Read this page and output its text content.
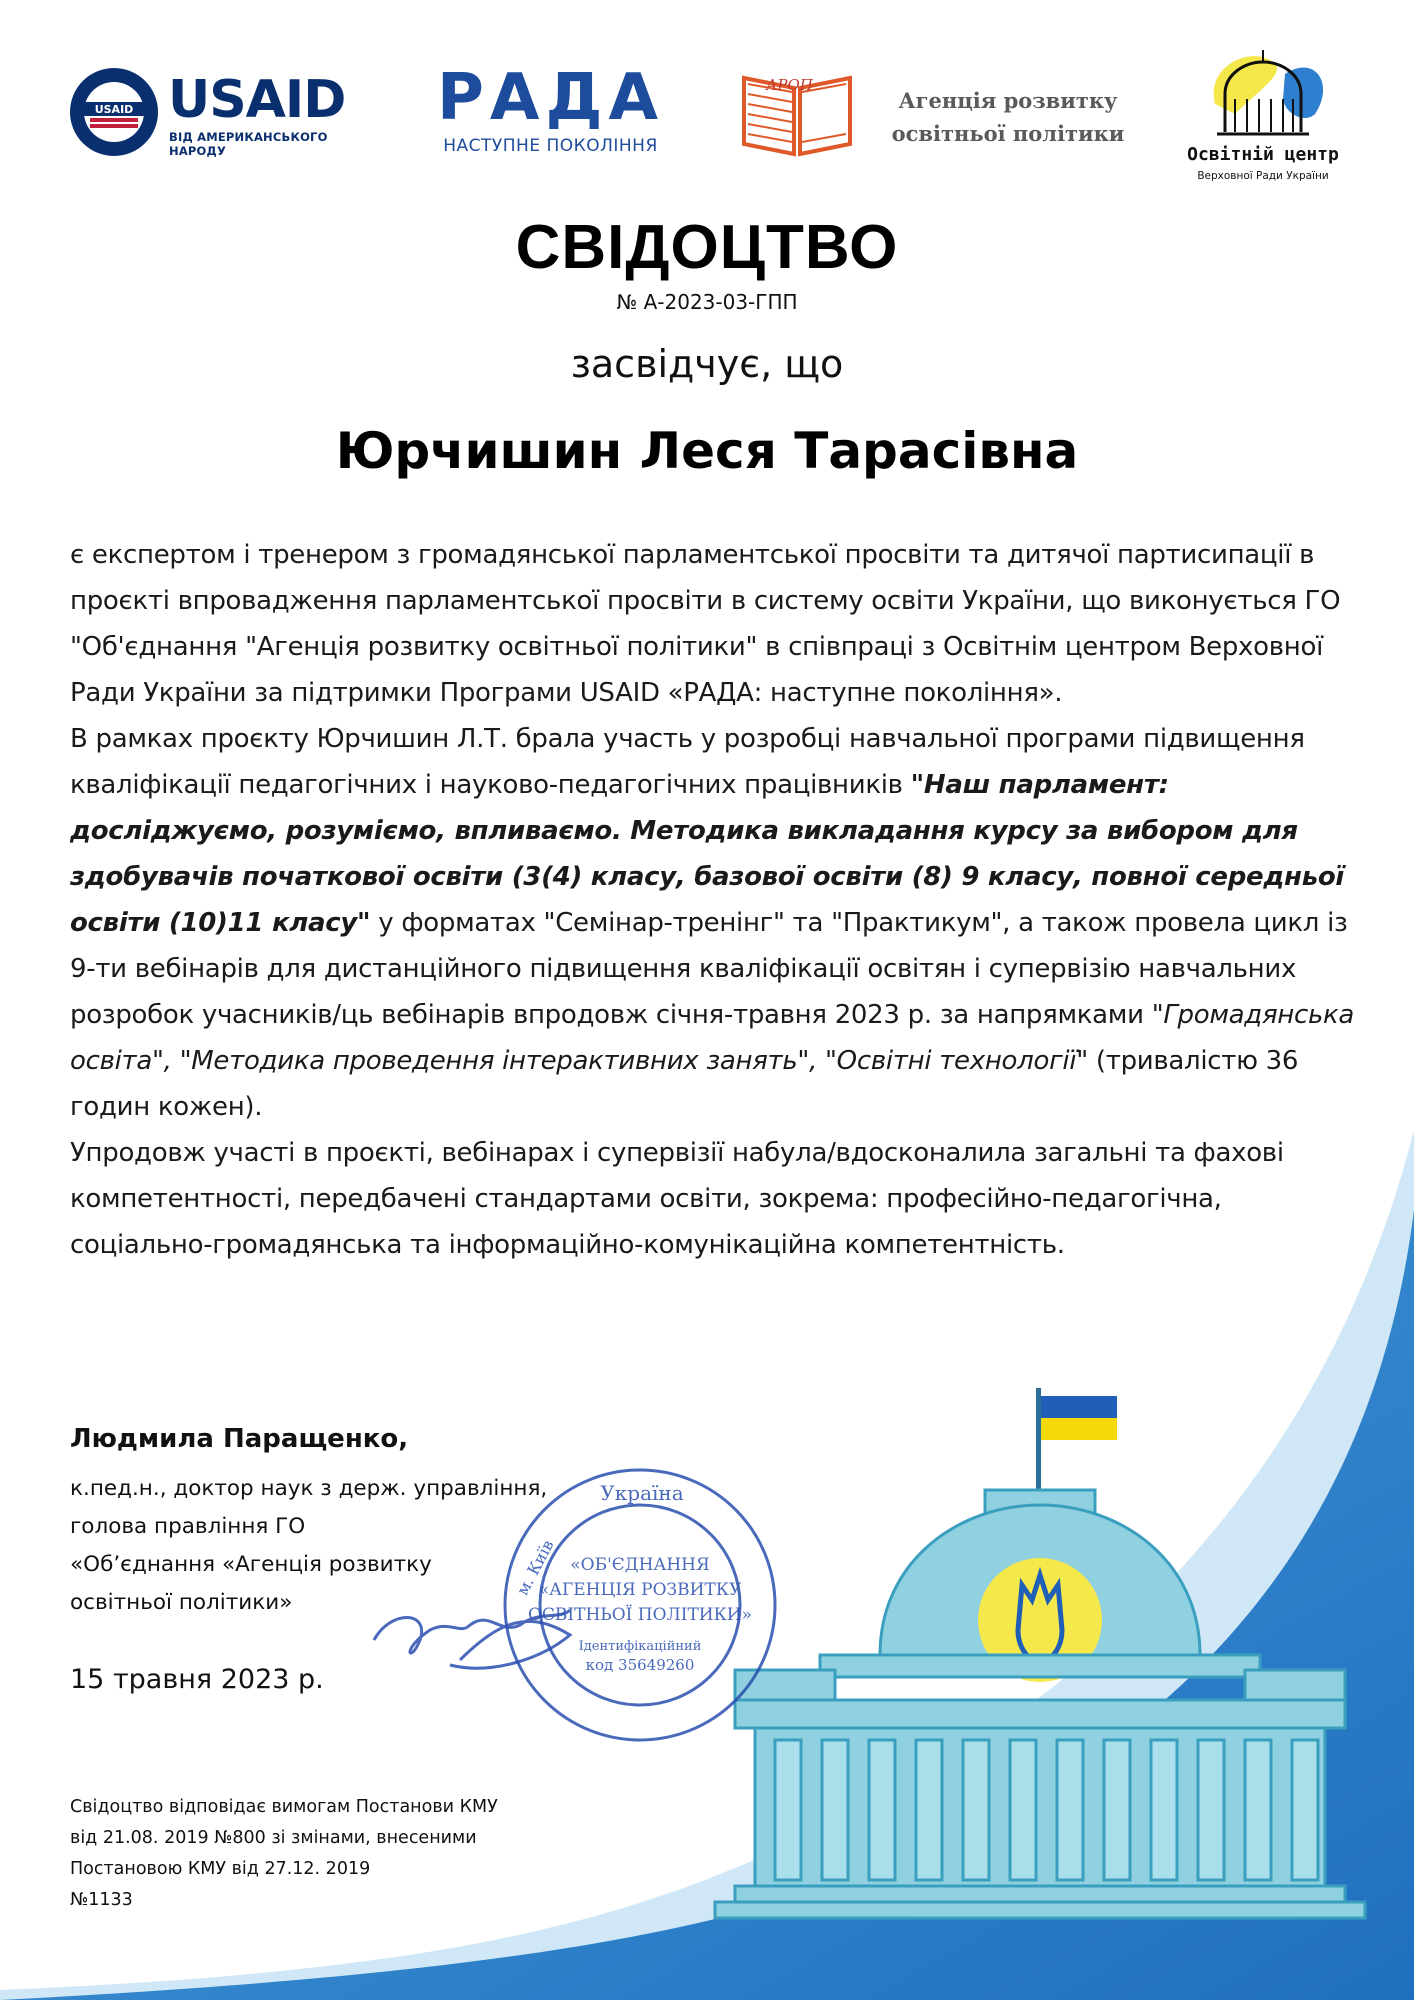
USAID USAID
ВІД АМЕРИКАНСЬКОГО НАРОДУ
РАДА
НАСТУПНЕ ПОКОЛІННЯ
АРОП
Агенція розвитку
освітньої політики
Освітній центр
Верховної Ради України
СВІДОЦТВО
№ А-2023-03-ГПП
засвідчує, що
Юрчишин Леся Тарасівна

є експертом і тренером з громадянської парламентської просвіти та дитячої партисипації в проєкті впровадження парламентської просвіти в систему освіти України, що виконується ГО "Об'єднання "Агенція розвитку освітньої політики" в співпраці з Освітнім центром Верховної Ради України за підтримки Програми USAID «РАДА: наступне покоління».

В рамках проєкту Юрчишин Л.Т. брала участь у розробці навчальної програми підвищення кваліфікації педагогічних і науково-педагогічних працівників "Наш парламент: досліджуємо, розуміємо, впливаємо. Методика викладання курсу за вибором для здобувачів початкової освіти (3(4) класу, базової освіти (8) 9 класу, повної середньої освіти (10)11 класу" у форматах "Семінар-тренінг" та "Практикум", а також провела цикл із 9-ти вебінарів для дистанційного підвищення кваліфікації освітян і супервізію навчальних розробок учасників/ць вебінарів впродовж січня-травня 2023 р. за напрямками "Громадянська освіта", "Методика проведення інтерактивних занять", "Освітні технології" (тривалістю 36 годин кожен).

Упродовж участі в проєкті, вебінарах і супервізії набула/вдосконалила загальні та фахові компетентності, передбачені стандартами освіти, зокрема: професійно-педагогічна, соціально-громадянська та інформаційно-комунікаційна компетентність.

Людмила Паращенко,
к.пед.н., доктор наук з держ. управління,
голова правління ГО
«Об’єднання «Агенція розвитку
освітньої політики»
15 травня 2023 р.
Україна
м. Київ «ОБ'ЄДНАННЯ
«АГЕНЦІЯ РОЗВИТКУ
ОСВІТНЬОЇ ПОЛІТИКИ»
Ідентифікаційний
код 35649260
Свідоцтво відповідає вимогам Постанови КМУ
від 21.08. 2019 №800 зі змінами, внесеними
Постановою КМУ від 27.12. 2019
№1133
